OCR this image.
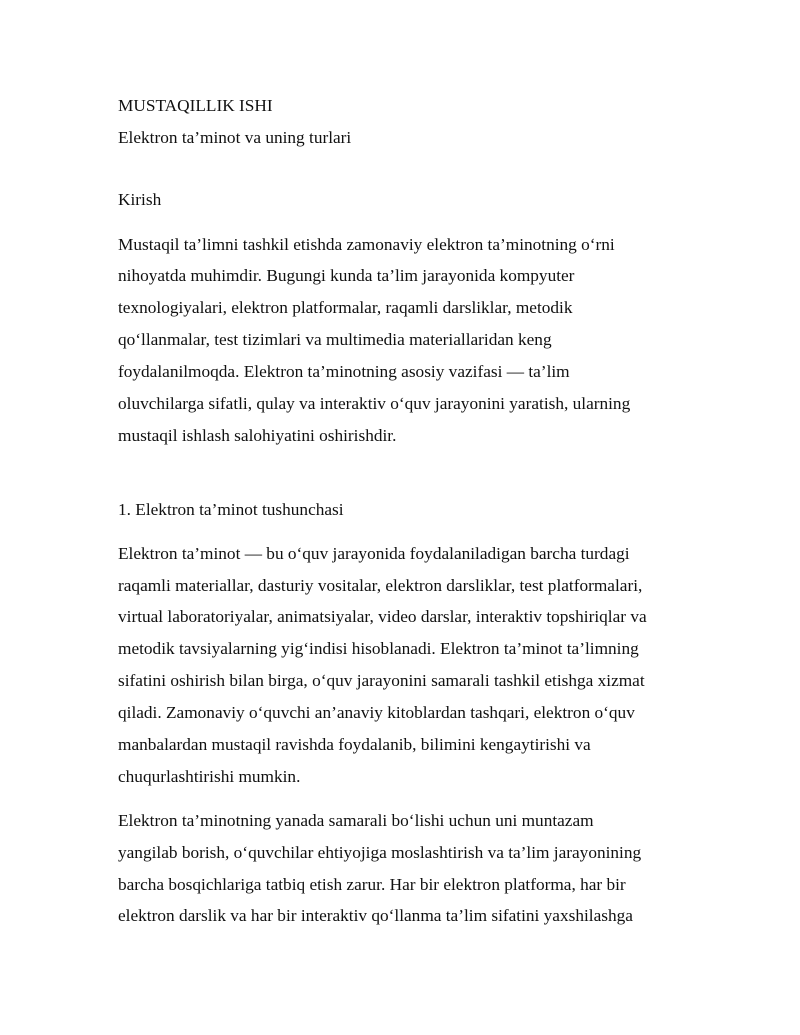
MUSTAQILLIK ISHI
Elektron ta’minot va uning turlari
Kirish
Mustaqil ta’limni tashkil etishda zamonaviy elektron ta’minotning o‘rni
nihoyatda muhimdir. Bugungi kunda ta’lim jarayonida kompyuter
texnologiyalari, elektron platformalar, raqamli darsliklar, metodik
qo‘llanmalar, test tizimlari va multimedia materiallaridan keng
foydalanilmoqda. Elektron ta’minotning asosiy vazifasi — ta’lim
oluvchilarga sifatli, qulay va interaktiv o‘quv jarayonini yaratish, ularning
mustaqil ishlash salohiyatini oshirishdir.
1. Elektron ta’minot tushunchasi
Elektron ta’minot — bu o‘quv jarayonida foydalaniladigan barcha turdagi
raqamli materiallar, dasturiy vositalar, elektron darsliklar, test platformalari,
virtual laboratoriyalar, animatsiyalar, video darslar, interaktiv topshiriqlar va
metodik tavsiyalarning yig‘indisi hisoblanadi. Elektron ta’minot ta’limning
sifatini oshirish bilan birga, o‘quv jarayonini samarali tashkil etishga xizmat
qiladi. Zamonaviy o‘quvchi an’anaviy kitoblardan tashqari, elektron o‘quv
manbalardan mustaqil ravishda foydalanib, bilimini kengaytirishi va
chuqurlashtirishi mumkin.
Elektron ta’minotning yanada samarali bo‘lishi uchun uni muntazam
yangilab borish, o‘quvchilar ehtiyojiga moslashtirish va ta’lim jarayonining
barcha bosqichlariga tatbiq etish zarur. Har bir elektron platforma, har bir
elektron darslik va har bir interaktiv qo‘llanma ta’lim sifatini yaxshilashga
